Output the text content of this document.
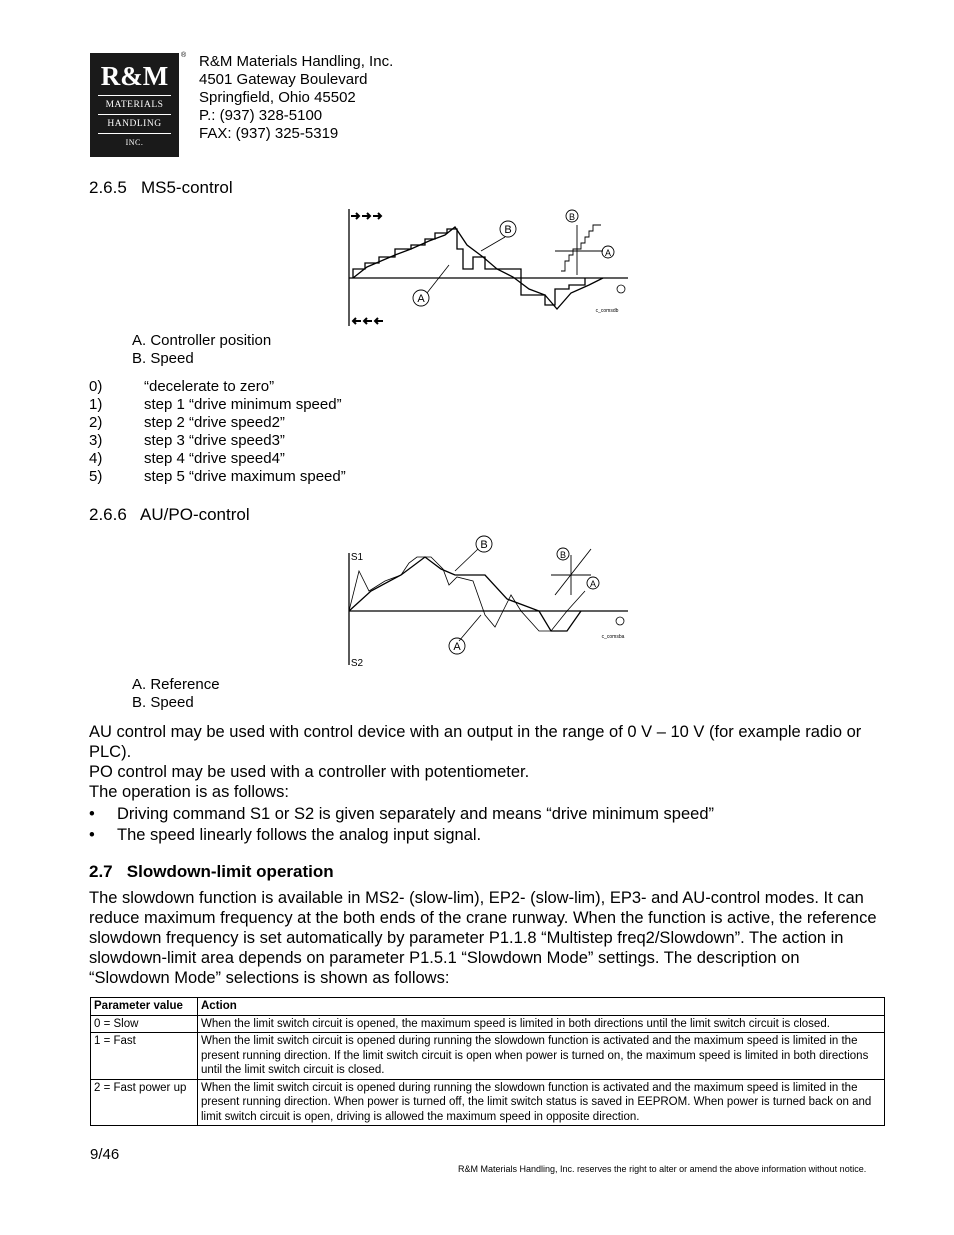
R&M
MATERIALS
HANDLING
INC.
® R&M Materials Handling, Inc.
4501 Gateway Boulevard
Springfield, Ohio 45502
P.: (937) 328-5100
FAX: (937) 325-5319
2.6.5   MS5-control
B
A
B
A
c_comsdb
A. Controller position
B. Speed
0)	“decelerate to zero”
1)	step 1 “drive minimum speed”
2)	step 2 “drive speed2”
3)	step 3 “drive speed3”
4)	step 4 “drive speed4”
5)	step 5 “drive maximum speed”
2.6.6   AU/PO-control
S1
S2
B
A
B
A
c_comsba
A. Reference
B. Speed
AU control may be used with control device with an output in the range of 0 V – 10 V (for example radio or PLC).
PO control may be used with a controller with potentiometer.
The operation is as follows:
• Driving command S1 or S2 is given separately and means “drive minimum speed”
• The speed linearly follows the analog input signal.
2.7   Slowdown-limit operation
The slowdown function is available in MS2- (slow-lim), EP2- (slow-lim), EP3- and AU-control modes. It can reduce maximum frequency at the both ends of the crane runway. When the function is active, the reference slowdown frequency is set automatically by parameter P1.1.8 “Multistep freq2/Slowdown”. The action in slowdown-limit area depends on parameter P1.5.1 “Slowdown Mode” settings. The description on “Slowdown Mode” selections is shown as follows:
Parameter value	Action
0 = Slow	When the limit switch circuit is opened, the maximum speed is limited in both directions until the limit switch circuit is closed.
1 = Fast	When the limit switch circuit is opened during running the slowdown function is activated and the maximum speed is limited in the present running direction. If the limit switch circuit is open when power is turned on, the maximum speed is limited in both directions until the limit switch circuit is closed.
2 = Fast power up	When the limit switch circuit is opened during running the slowdown function is activated and the maximum speed is limited in the present running direction. When power is turned off, the limit switch status is saved in EEPROM. When power is turned back on and limit switch circuit is open, driving is allowed the maximum speed in opposite direction.
9/46
R&M Materials Handling, Inc. reserves the right to alter or amend the above information without notice.
